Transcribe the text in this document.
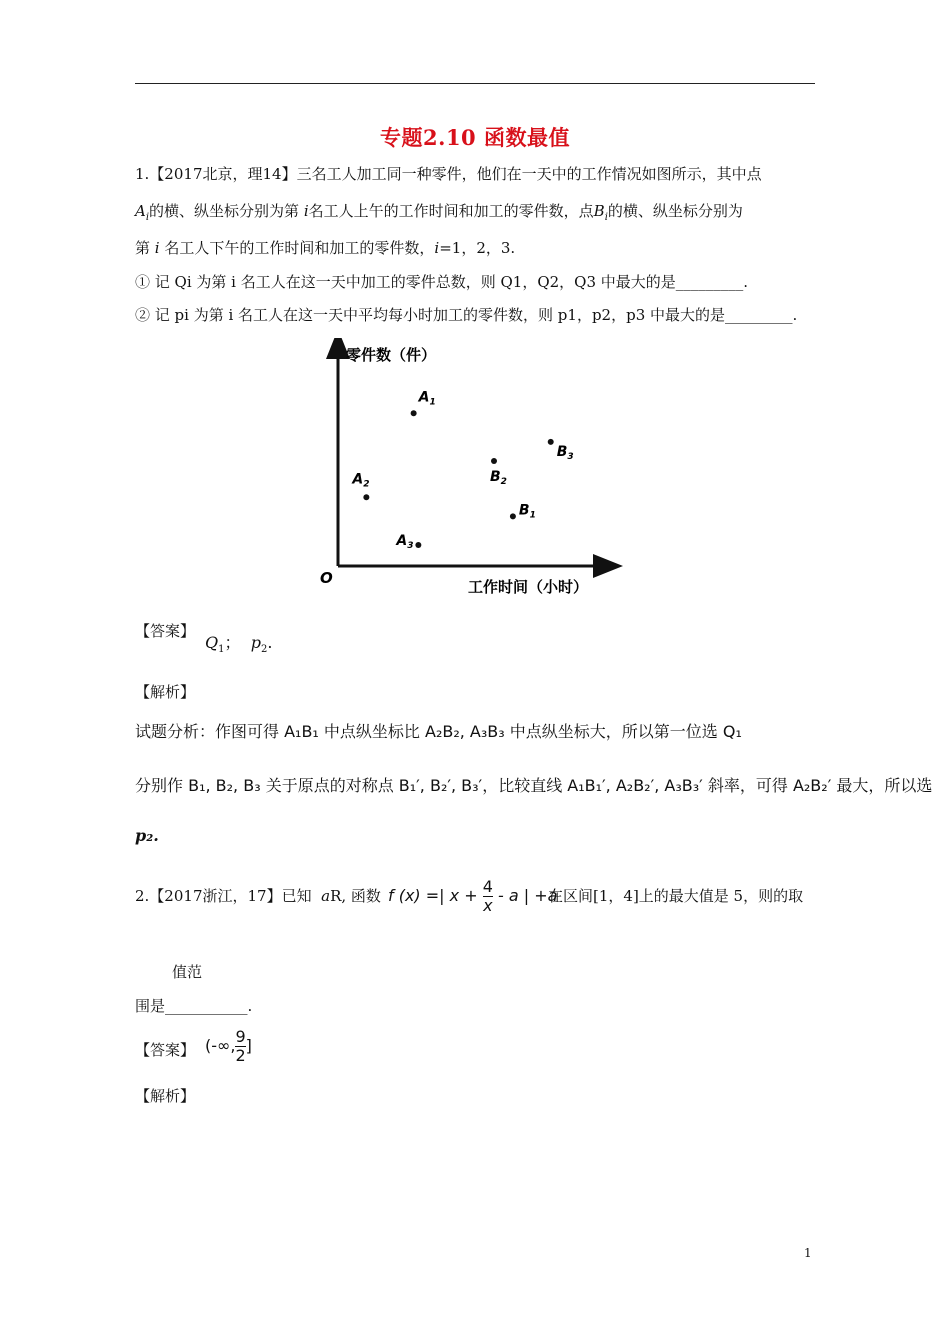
专题2.10 函数最值
1.【2017北京，理14】三名工人加工同一种零件，他们在一天中的工作情况如图所示，其中点
$A_i$的横、纵坐标分别为第 i名工人上午的工作时间和加工的零件数，点$B_i$的横、纵坐标分别为
第 i 名工人下午的工作时间和加工的零件数，i=1，2，3.
① 记 Qi 为第 i 名工人在这一天中加工的零件总数，则 Q1，Q2，Q3 中最大的是_________.
② 记 pi 为第 i 名工人在这一天中平均每小时加工的零件数，则 p1，p2，p3 中最大的是_________.
零件数（件）
工作时间（小时）
O
$A_1$
$A_2$
$A_3$
$B_1$
$B_2$
$B_3$
【答案】
$Q_1$； $p_2$.
【解析】
试题分析：作图可得 A₁B₁ 中点纵坐标比 A₂B₂, A₃B₃ 中点纵坐标大，所以第一位选 Q₁
分别作 B₁, B₂, B₃ 关于原点的对称点 B₁′, B₂′, B₃′，比较直线 A₁B₁′, A₂B₂′, A₃B₃′ 斜率，可得 A₂B₂′ 最大，所以选
p₂.
2.【2017浙江，17】已知 aR, 函数 f (x) =| $x + \frac{4}{x} - a$ | +a
在区间[1，4]上的最大值是 5，则的取
值范
围是___________.
【答案】 (-∞, $\frac{9}{2}$ ]
【解析】
1
